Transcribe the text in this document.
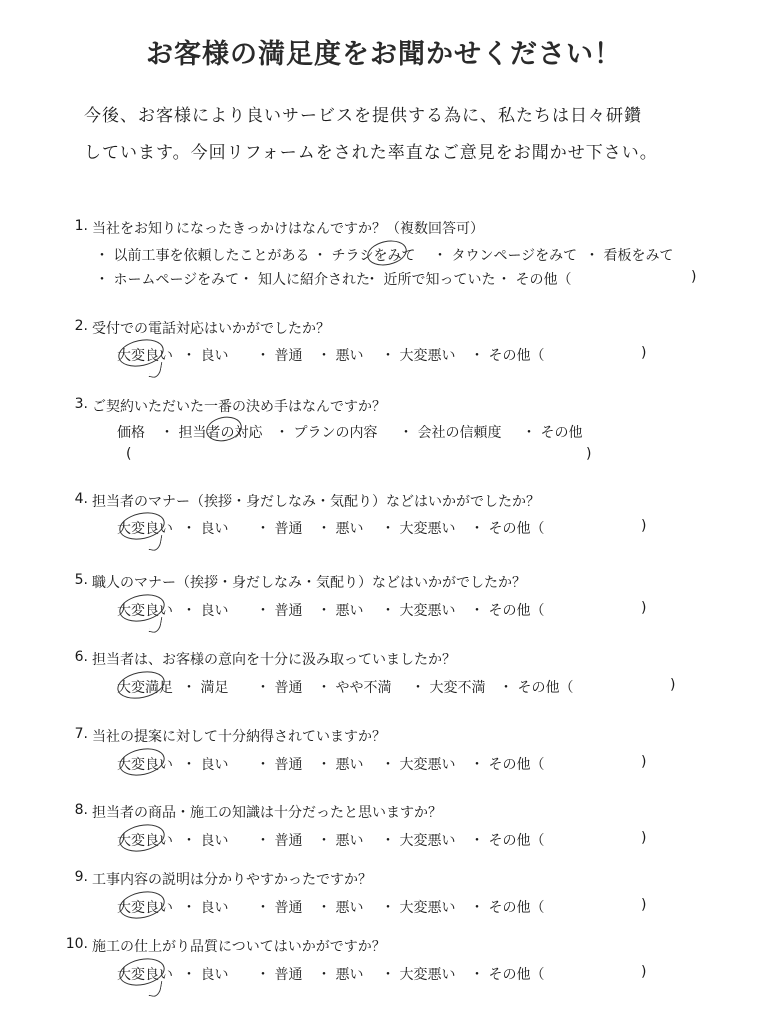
お客様の満足度をお聞かせください！
今後、お客様により良いサービスを提供する為に、私たちは日々研鑽
しています。今回リフォームをされた率直なご意見をお聞かせ下さい。
1. 当社をお知りになったきっかけはなんですか？（複数回答可）
・ 以前工事を依頼したことがある ・ チラシをみて ・ タウンページをみて ・ 看板をみて
・ ホームページをみて・ 知人に紹介された
・ 近所で知っていた ・ その他（	)
2. 受付での電話対応はいかがでしたか？
大変良い ・ 良い ・ 普通 ・ 悪い ・ 大変悪い ・ その他（	)
3. ご契約いただいた一番の決め手はなんですか？
価格 ・ 担当者の対応 ・ プランの内容 ・ 会社の信頼度 ・ その他
(	)
4. 担当者のマナー（挨拶・身だしなみ・気配り）などはいかがでしたか？
大変良い ・ 良い ・ 普通 ・ 悪い ・ 大変悪い ・ その他（	)
5. 職人のマナー（挨拶・身だしなみ・気配り）などはいかがでしたか？
大変良い ・ 良い ・ 普通 ・ 悪い ・ 大変悪い ・ その他（	)
6. 担当者は、お客様の意向を十分に汲み取っていましたか？
大変満足 ・ 満足 ・ 普通 ・ やや不満 ・ 大変不満 ・ その他（	)
7. 当社の提案に対して十分納得されていますか？
大変良い ・ 良い ・ 普通 ・ 悪い ・ 大変悪い ・ その他（	)
8. 担当者の商品・施工の知識は十分だったと思いますか？
大変良い ・ 良い ・ 普通 ・ 悪い ・ 大変悪い ・ その他（	)
9. 工事内容の説明は分かりやすかったですか？
大変良い ・ 良い ・ 普通 ・ 悪い ・ 大変悪い ・ その他（	)
10. 施工の仕上がり品質についてはいかがですか？
大変良い ・ 良い ・ 普通 ・ 悪い ・ 大変悪い ・ その他（	)
